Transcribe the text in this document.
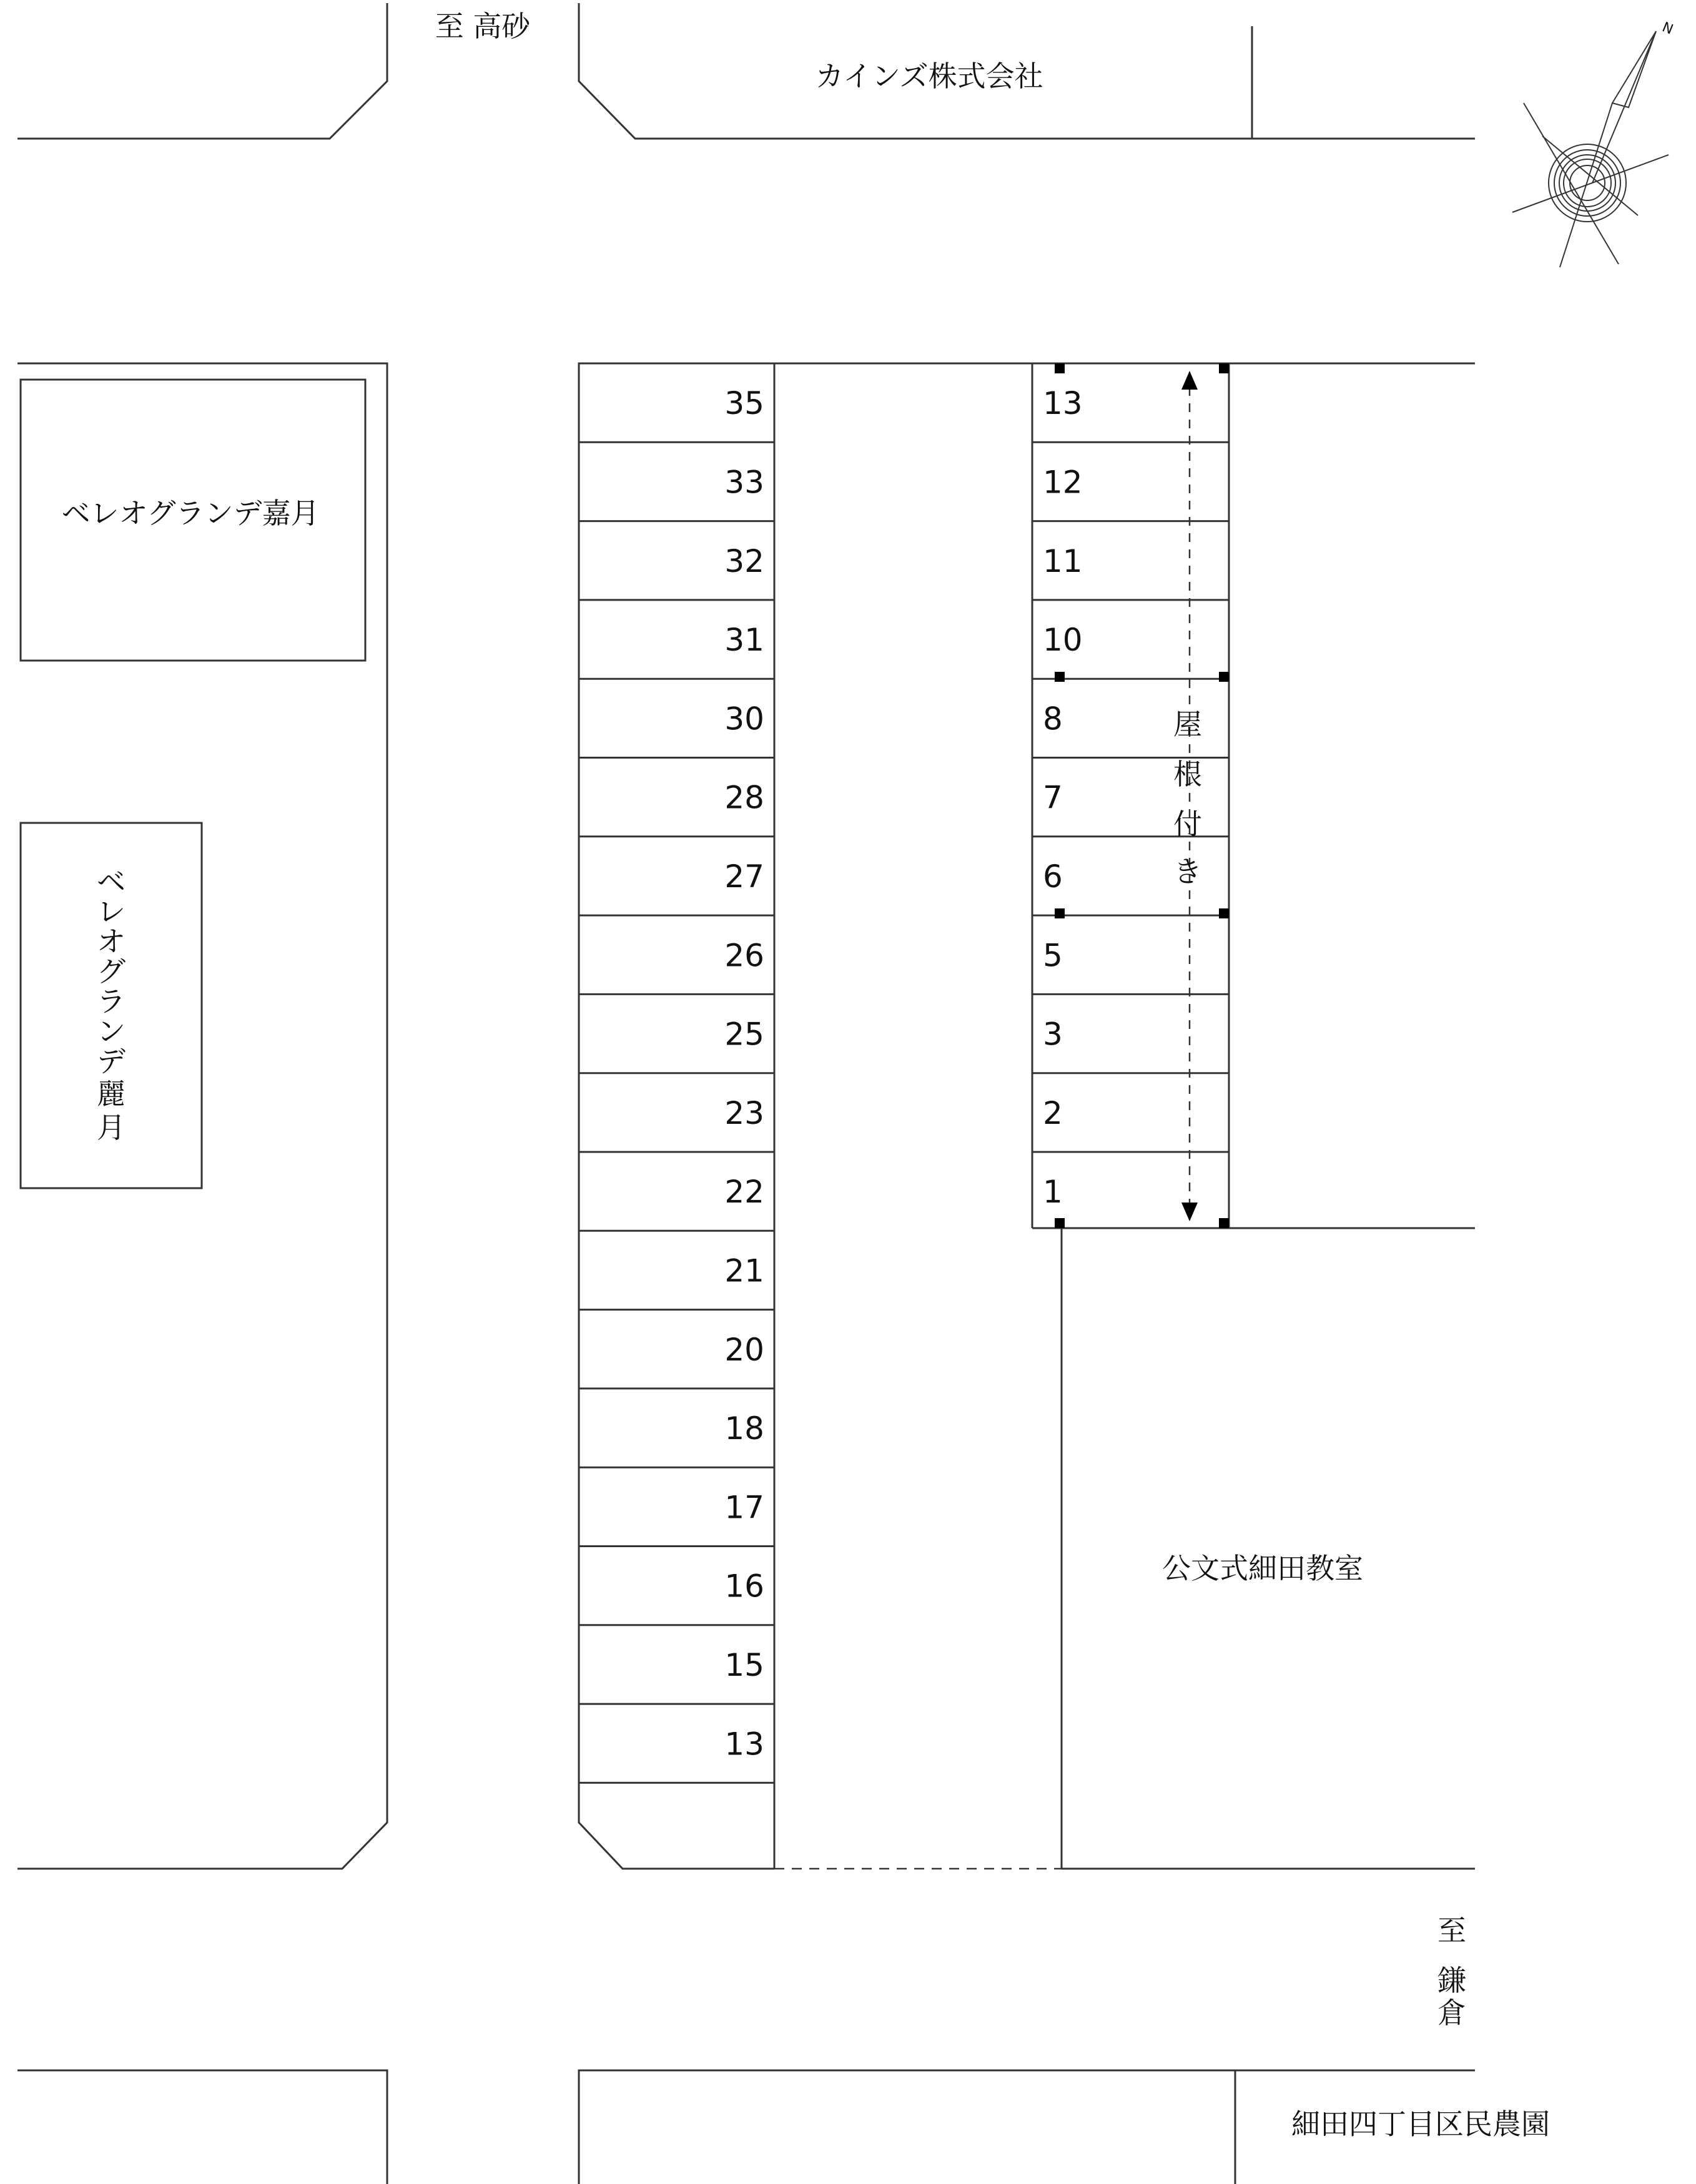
至 高砂
カインズ株式会社
ベレオグランデ嘉月
公文式細田教室
細田四丁目区民農園
N
ベ
レ
オ
グ
ラ
ン
デ
麗
月
至
鎌
倉
屋
根
付
き
35
33
32
31
30
28
27
26
25
23
22
21
20
18
17
16
15
13
13
12
11
10
8
7
6
5
3
2
1
